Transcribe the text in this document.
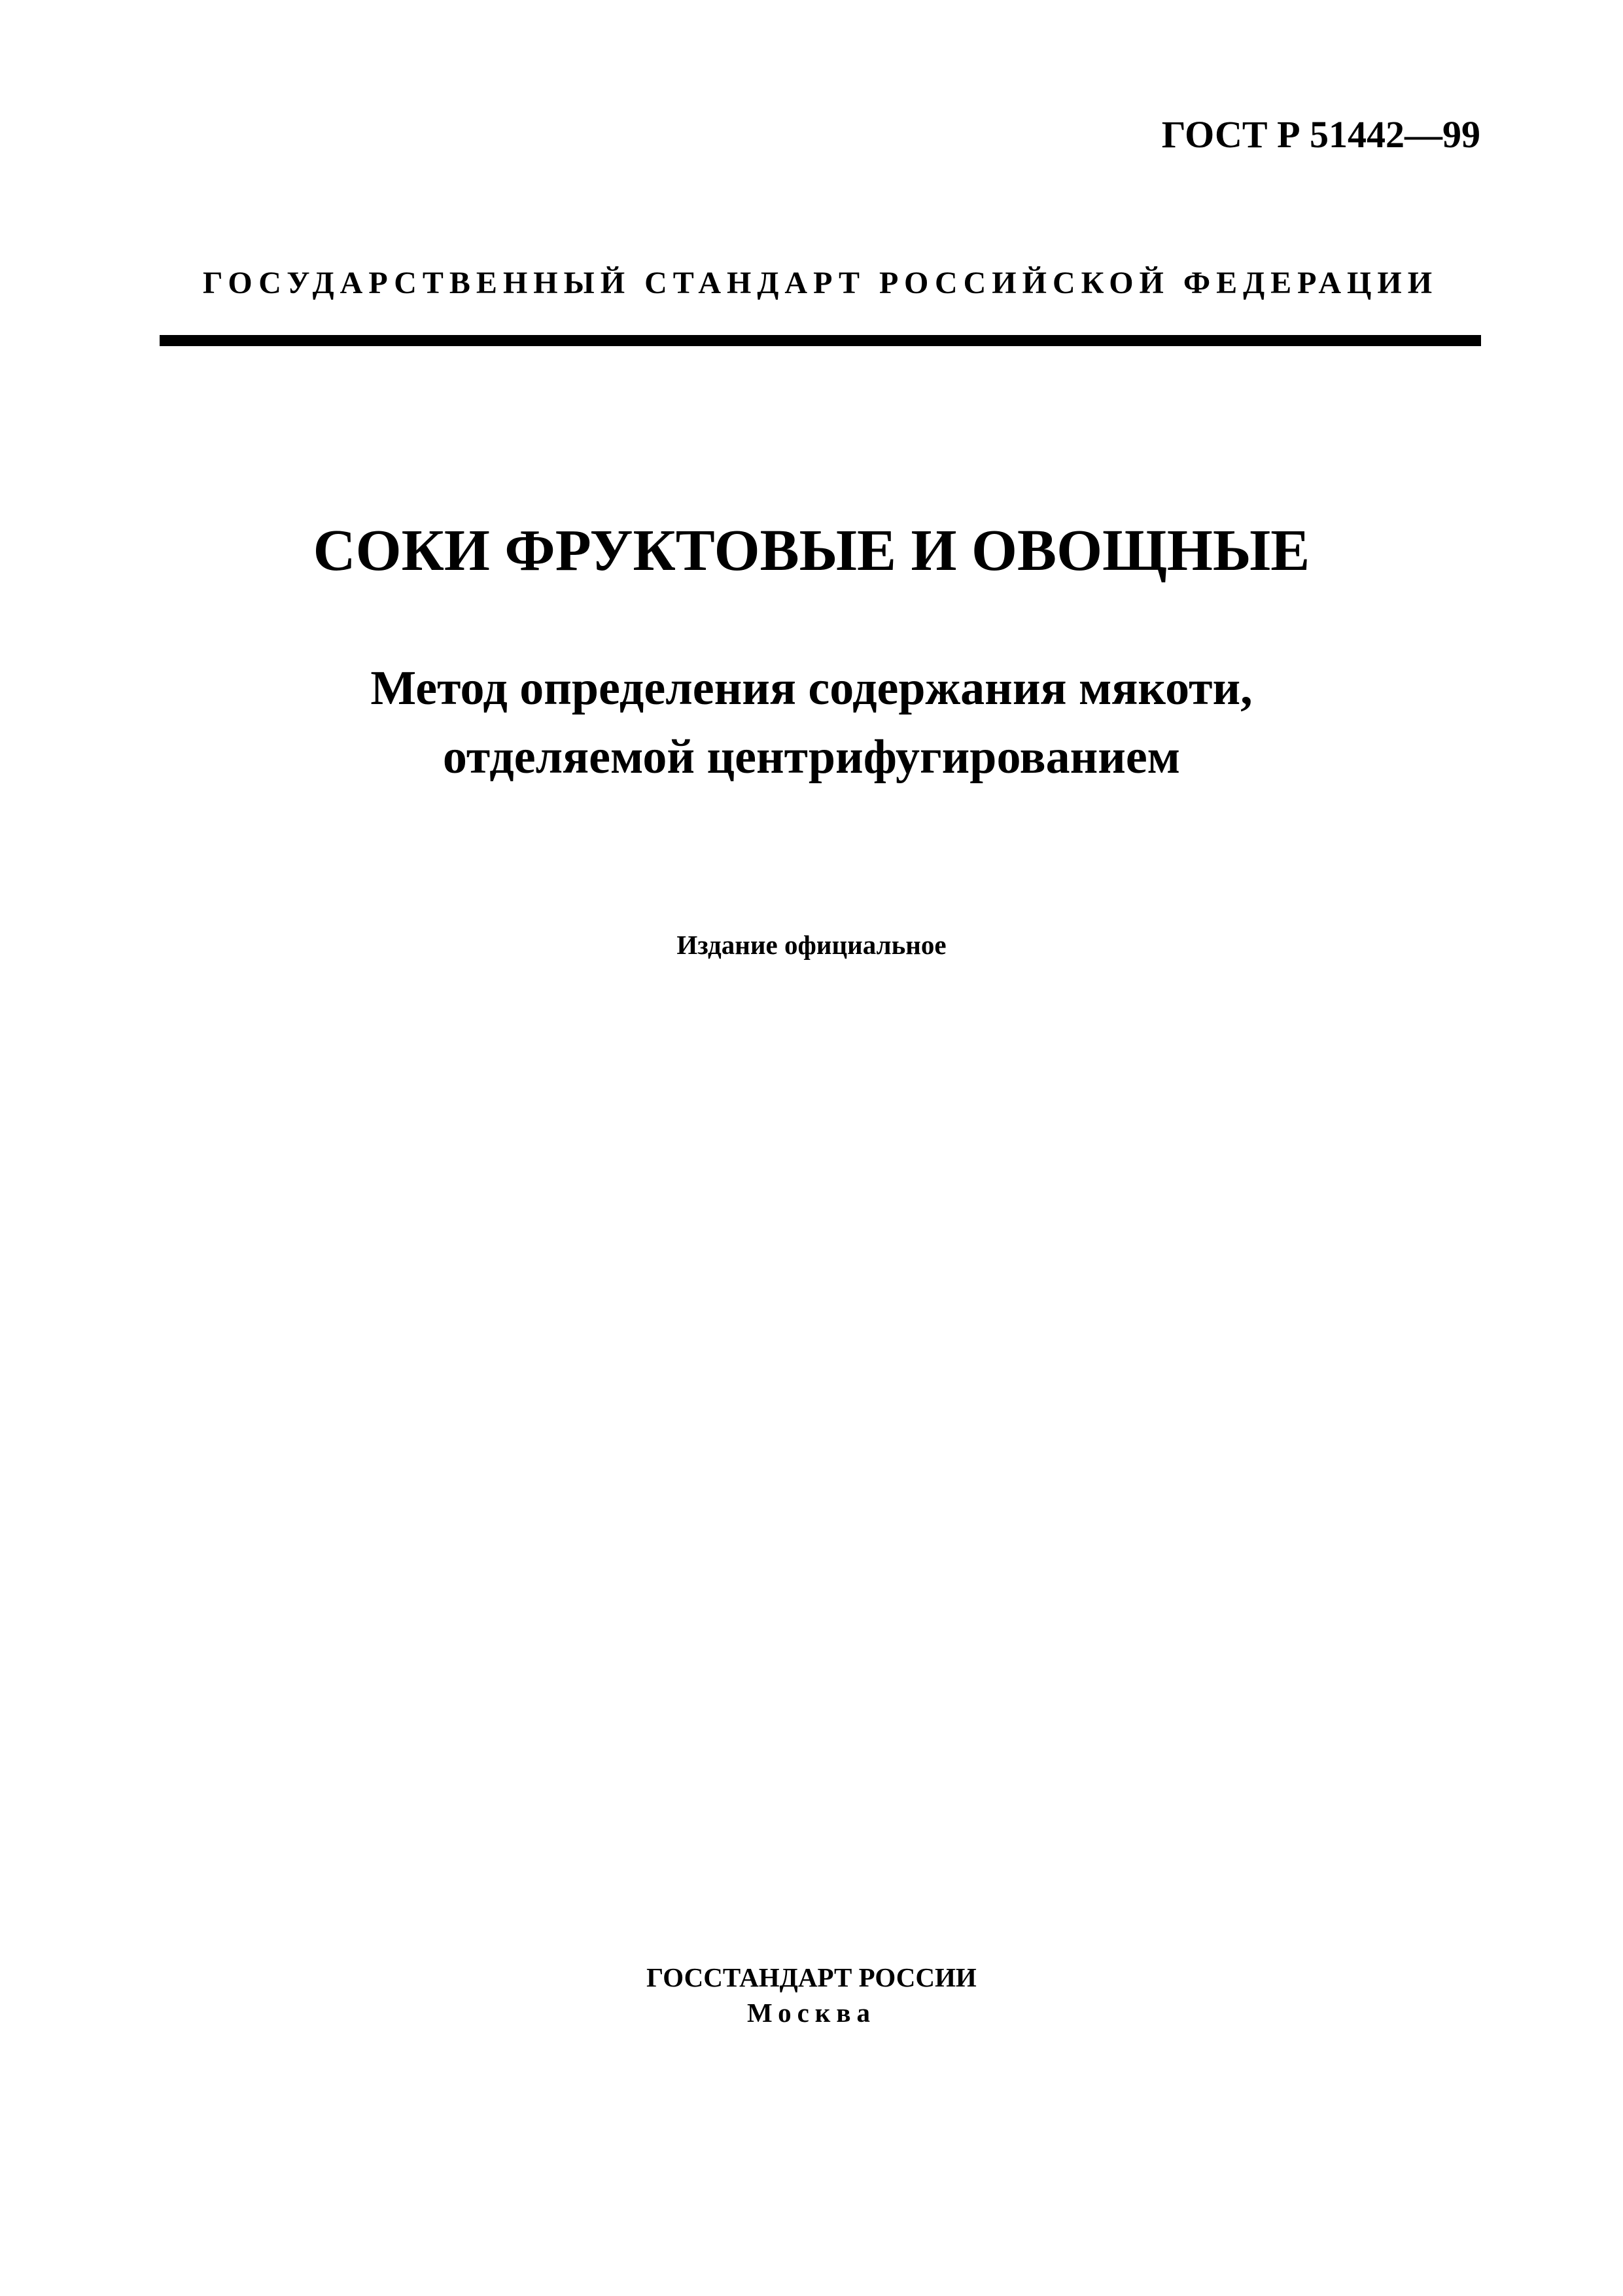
ГОСТ Р 51442—99
ГОСУДАРСТВЕННЫЙ СТАНДАРТ РОССИЙСКОЙ ФЕДЕРАЦИИ
СОКИ ФРУКТОВЫЕ И ОВОЩНЫЕ
Метод определения содержания мякоти,
отделяемой центрифугированием
Издание официальное
ГОССТАНДАРТ РОССИИ
Москва
